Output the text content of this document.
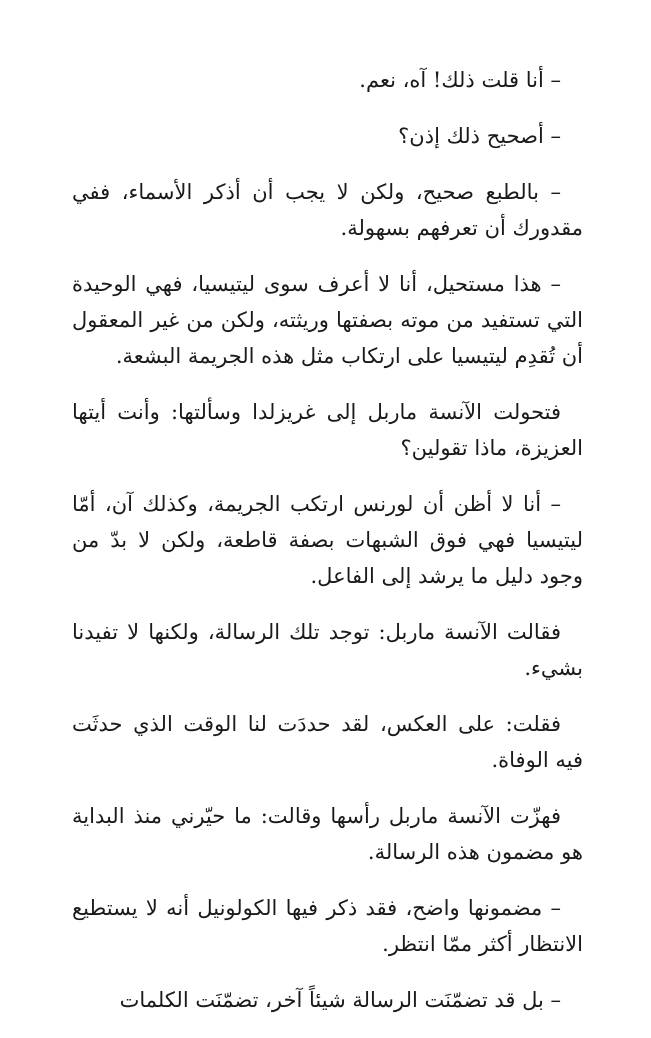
– أنا قلت ذلك! آه، نعم.

– أصحيح ذلك إذن؟

– بالطبع صحيح، ولكن لا يجب أن أذكر الأسماء، ففي مقدورك أن تعرفهم بسهولة.

– هذا مستحيل، أنا لا أعرف سوى ليتيسيا، فهي الوحيدة التي تستفيد من موته بصفتها وريثته، ولكن من غير المعقول أن تُقدِم ليتيسيا على ارتكاب مثل هذه الجريمة البشعة.

فتحولت الآنسة ماربل إلى غريزلدا وسألتها: وأنت أيتها العزيزة، ماذا تقولين؟

– أنا لا أظن أن لورنس ارتكب الجريمة، وكذلك آن، أمّا ليتيسيا فهي فوق الشبهات بصفة قاطعة، ولكن لا بدّ من وجود دليل ما يرشد إلى الفاعل.

فقالت الآنسة ماربل: توجد تلك الرسالة، ولكنها لا تفيدنا بشيء.

فقلت: على العكس، لقد حددَت لنا الوقت الذي حدثَت فيه الوفاة.

فهزّت الآنسة ماربل رأسها وقالت: ما حيّرني منذ البداية هو مضمون هذه الرسالة.

– مضمونها واضح، فقد ذكر فيها الكولونيل أنه لا يستطيع الانتظار أكثر ممّا انتظر.

– بل قد تضمّنَت الرسالة شيئاً آخر، تضمّنَت الكلمات
